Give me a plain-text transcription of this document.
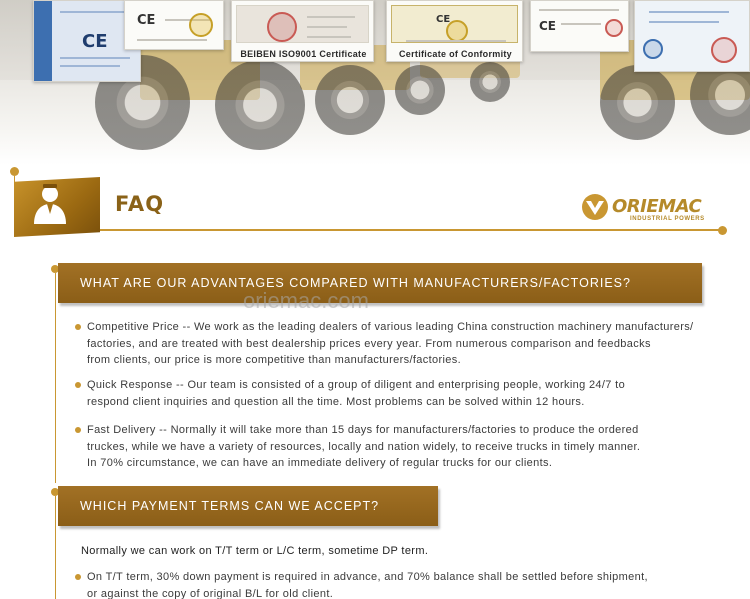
CE
CE
BEIBEN ISO9001 Certificate
CE
Certificate of Conformity
CE
FAQ	ORIEMAC
INDUSTRIAL POWERS
WHAT ARE OUR ADVANTAGES COMPARED WITH MANUFACTURERS/FACTORIES?
oriemac.com
Competitive Price -- We work as the leading dealers of various leading China construction machinery manufacturers/
factories, and are treated with best dealership prices every year. From numerous comparison and feedbacks
from clients, our price is more competitive than manufacturers/factories.
Quick Response -- Our team is consisted of a group of diligent and enterprising people, working 24/7 to
respond client inquiries and question all the time. Most problems can be solved within 12 hours.
Fast Delivery -- Normally it will take more than 15 days for manufacturers/factories to produce the ordered
truckes, while we have a variety of resources, locally and nation widely, to receive trucks in timely manner.
In 70% circumstance, we can have an immediate delivery of regular trucks for our clients.
WHICH PAYMENT TERMS CAN WE ACCEPT?
Normally we can work on T/T term or L/C term, sometime DP term.
On T/T term, 30% down payment is required in advance, and 70% balance shall be settled before shipment,
or against the copy of original B/L for old client.
